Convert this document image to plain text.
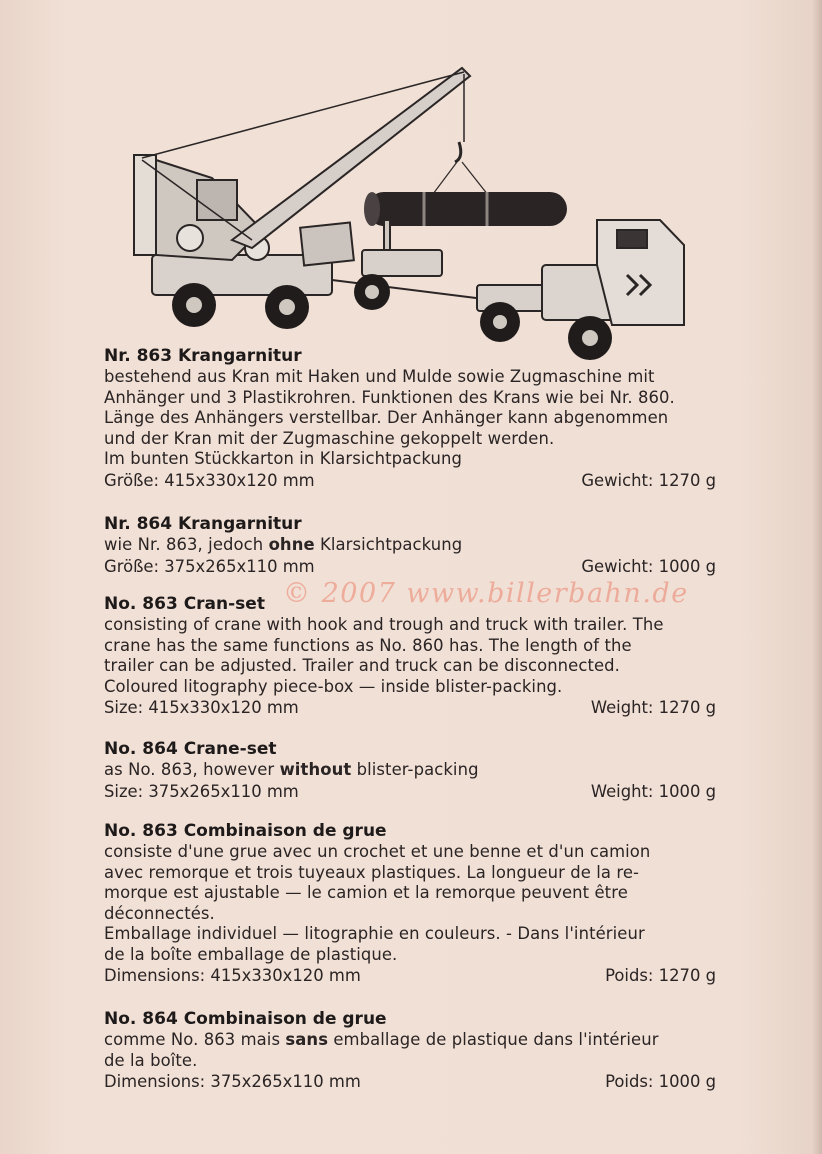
Nr. 863 Krangarnitur

bestehend aus Kran mit Haken und Mulde sowie Zugmaschine mit

Anhänger und 3 Plastikrohren. Funktionen des Krans wie bei Nr. 860.

Länge des Anhängers verstellbar. Der Anhänger kann abgenommen

und der Kran mit der Zugmaschine gekoppelt werden.

Im bunten Stückkarton in Klarsichtpackung

Größe: 415x330x120 mm	Gewicht: 1270 g

Nr. 864 Krangarnitur

wie Nr. 863, jedoch ohne Klarsichtpackung

Größe: 375x265x110 mm	Gewicht: 1000 g

No. 863 Cran-set

consisting of crane with hook and trough and truck with trailer. The

crane has the same functions as No. 860 has. The length of the

trailer can be adjusted. Trailer and truck can be disconnected.

Coloured litography piece-box — inside blister-packing.

Size: 415x330x120 mm	Weight: 1270 g

No. 864 Crane-set

as No. 863, however without blister-packing

Size: 375x265x110 mm	Weight: 1000 g

No. 863 Combinaison de grue

consiste d'une grue avec un crochet et une benne et d'un camion

avec remorque et trois tuyeaux plastiques. La longueur de la re-

morque est ajustable — le camion et la remorque peuvent être

déconnectés.

Emballage individuel — litographie en couleurs. - Dans l'intérieur

de la boîte emballage de plastique.

Dimensions: 415x330x120 mm	Poids: 1270 g

No. 864 Combinaison de grue

comme No. 863 mais sans emballage de plastique dans l'intérieur

de la boîte.

Dimensions: 375x265x110 mm	Poids: 1000 g
© 2007 www.billerbahn.de
